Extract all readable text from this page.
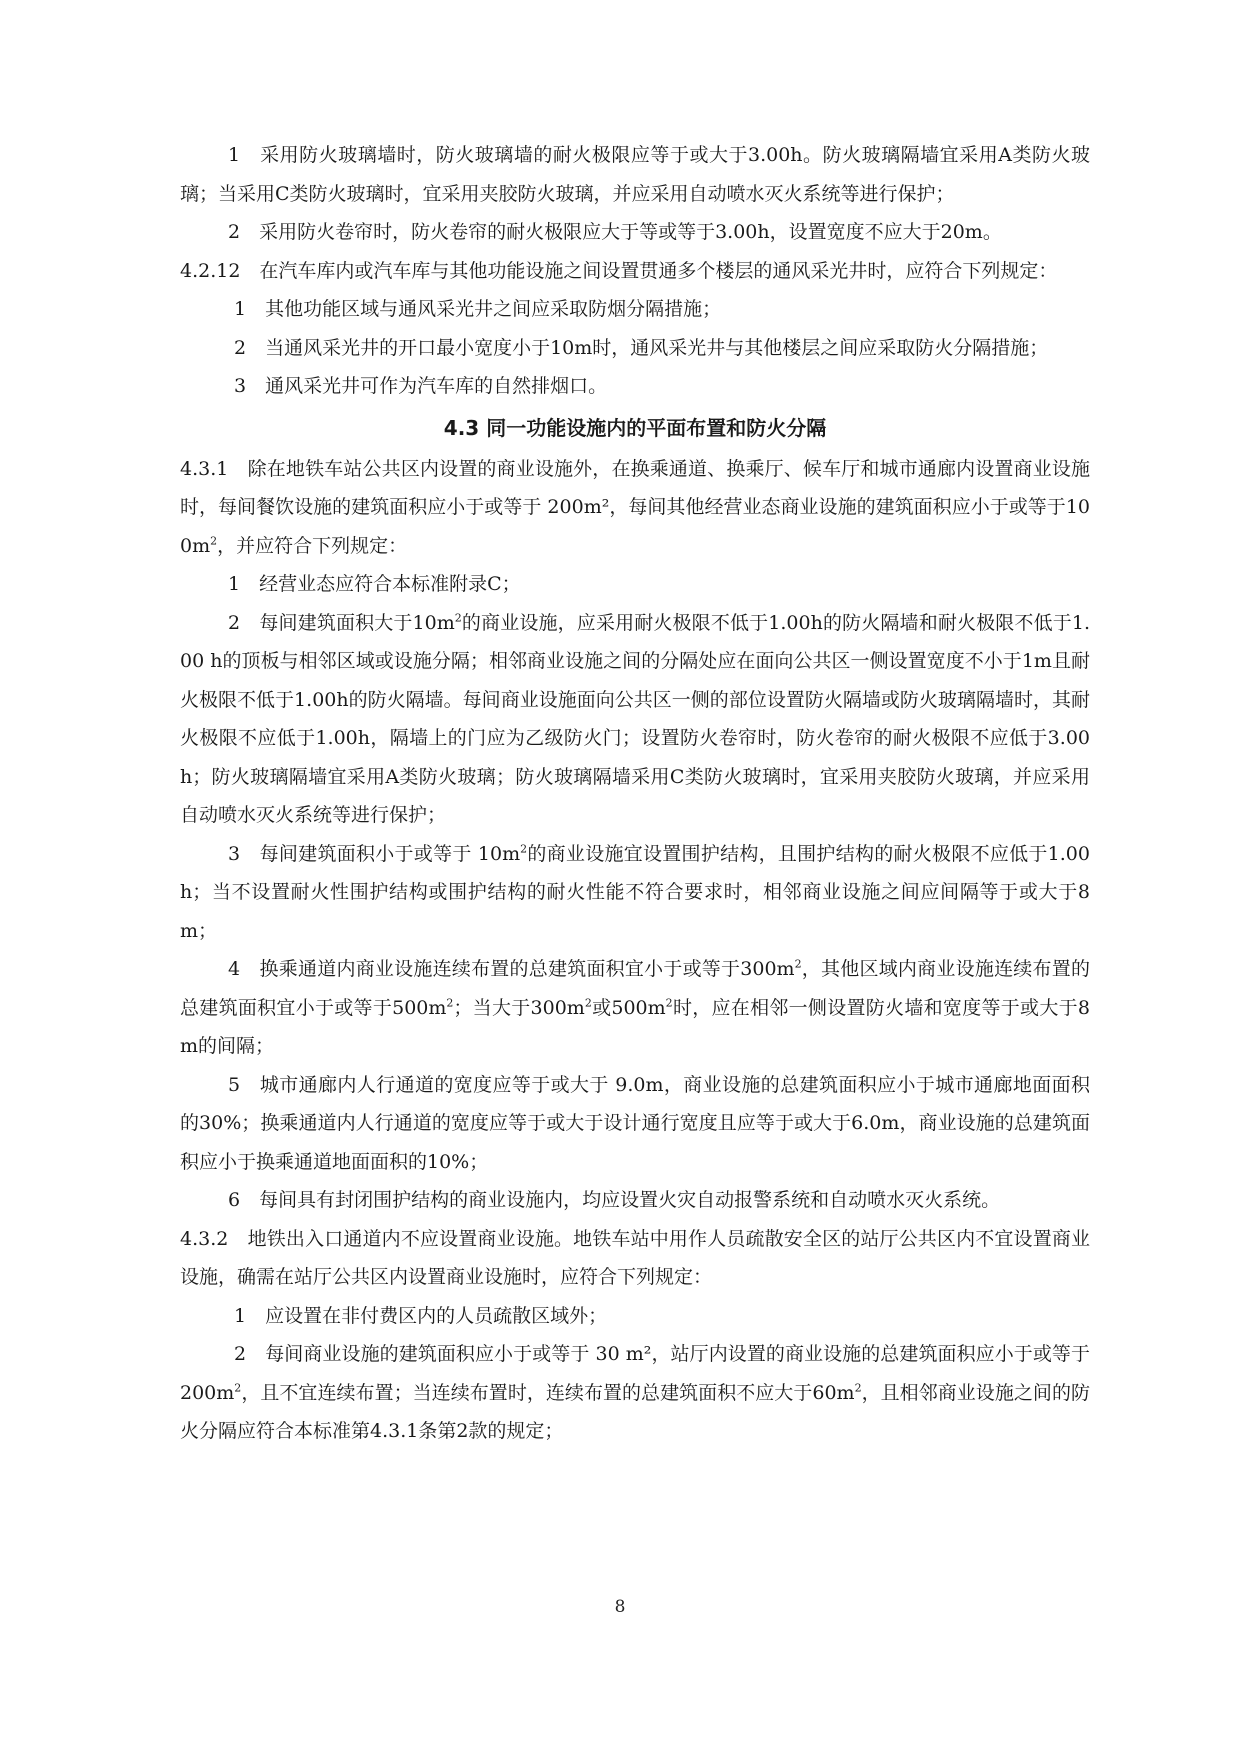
1　采用防火玻璃墙时，防火玻璃墙的耐火极限应等于或大于3.00h。防火玻璃隔墙宜采用A类防火玻璃；当采用C类防火玻璃时，宜采用夹胶防火玻璃，并应采用自动喷水灭火系统等进行保护；

2　采用防火卷帘时，防火卷帘的耐火极限应大于等或等于3.00h，设置宽度不应大于20m。

4.2.12　在汽车库内或汽车库与其他功能设施之间设置贯通多个楼层的通风采光井时，应符合下列规定：

1　其他功能区域与通风采光井之间应采取防烟分隔措施；

2　当通风采光井的开口最小宽度小于10m时，通风采光井与其他楼层之间应采取防火分隔措施；

3　通风采光井可作为汽车库的自然排烟口。

4.3 同一功能设施内的平面布置和防火分隔

4.3.1　除在地铁车站公共区内设置的商业设施外，在换乘通道、换乘厅、候车厅和城市通廊内设置商业设施时，每间餐饮设施的建筑面积应小于或等于 200m²，每间其他经营业态商业设施的建筑面积应小于或等于$100m^2$，并应符合下列规定：

1　经营业态应符合本标准附录C；

2　每间建筑面积大于$10m^2$的商业设施，应采用耐火极限不低于1.00h的防火隔墙和耐火极限不低于1.00 h的顶板与相邻区域或设施分隔；相邻商业设施之间的分隔处应在面向公共区一侧设置宽度不小于1m且耐火极限不低于1.00h的防火隔墙。每间商业设施面向公共区一侧的部位设置防火隔墙或防火玻璃隔墙时，其耐火极限不应低于1.00h，隔墙上的门应为乙级防火门；设置防火卷帘时，防火卷帘的耐火极限不应低于3.00h；防火玻璃隔墙宜采用A类防火玻璃；防火玻璃隔墙采用C类防火玻璃时，宜采用夹胶防火玻璃，并应采用自动喷水灭火系统等进行保护；

3　每间建筑面积小于或等于 $10m^2$的商业设施宜设置围护结构，且围护结构的耐火极限不应低于1.00h；当不设置耐火性围护结构或围护结构的耐火性能不符合要求时，相邻商业设施之间应间隔等于或大于8 m；

4　换乘通道内商业设施连续布置的总建筑面积宜小于或等于$300m^2$，其他区域内商业设施连续布置的总建筑面积宜小于或等于$500m^2$；当大于$300m^2$或$500m^2$时，应在相邻一侧设置防火墙和宽度等于或大于8m的间隔；

5　城市通廊内人行通道的宽度应等于或大于 9.0m，商业设施的总建筑面积应小于城市通廊地面面积的30%；换乘通道内人行通道的宽度应等于或大于设计通行宽度且应等于或大于6.0m，商业设施的总建筑面积应小于换乘通道地面面积的10%；

6　每间具有封闭围护结构的商业设施内，均应设置火灾自动报警系统和自动喷水灭火系统。

4.3.2　地铁出入口通道内不应设置商业设施。地铁车站中用作人员疏散安全区的站厅公共区内不宜设置商业设施，确需在站厅公共区内设置商业设施时，应符合下列规定：

1　应设置在非付费区内的人员疏散区域外；

2　每间商业设施的建筑面积应小于或等于 30 m²，站厅内设置的商业设施的总建筑面积应小于或等于$200m^2$，且不宜连续布置；当连续布置时，连续布置的总建筑面积不应大于$60m^2$，且相邻商业设施之间的防火分隔应符合本标准第4.3.1条第2款的规定；

8
